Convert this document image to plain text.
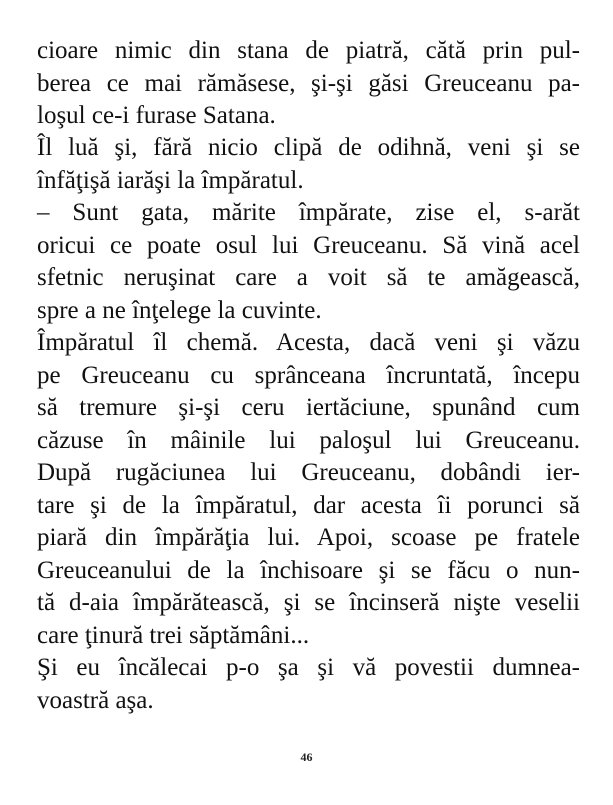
cioare nimic din stana de piatră, cătă prin pul-
berea ce mai rămăsese, şi-şi găsi Greuceanu pa-
loşul ce-i furase Satana.
Îl luă şi, fără nicio clipă de odihnă, veni şi se
înfăţişă iarăşi la împăratul.
– Sunt gata, mărite împărate, zise el, s-arăt
oricui ce poate osul lui Greuceanu. Să vină acel
sfetnic neruşinat care a voit să te amăgească,
spre a ne înţelege la cuvinte.
Împăratul îl chemă. Acesta, dacă veni şi văzu
pe Greuceanu cu sprânceana încruntată, începu
să tremure şi-şi ceru iertăciune, spunând cum
căzuse în mâinile lui paloşul lui Greuceanu.
După rugăciunea lui Greuceanu, dobândi ier-
tare şi de la împăratul, dar acesta îi porunci să
piară din împărăţia lui. Apoi, scoase pe fratele
Greuceanului de la închisoare şi se făcu o nun-
tă d-aia împărătească, şi se încinseră nişte veselii
care ţinură trei săptămâni...
Şi eu încălecai p-o şa şi vă povestii dumnea-
voastră aşa.
46
